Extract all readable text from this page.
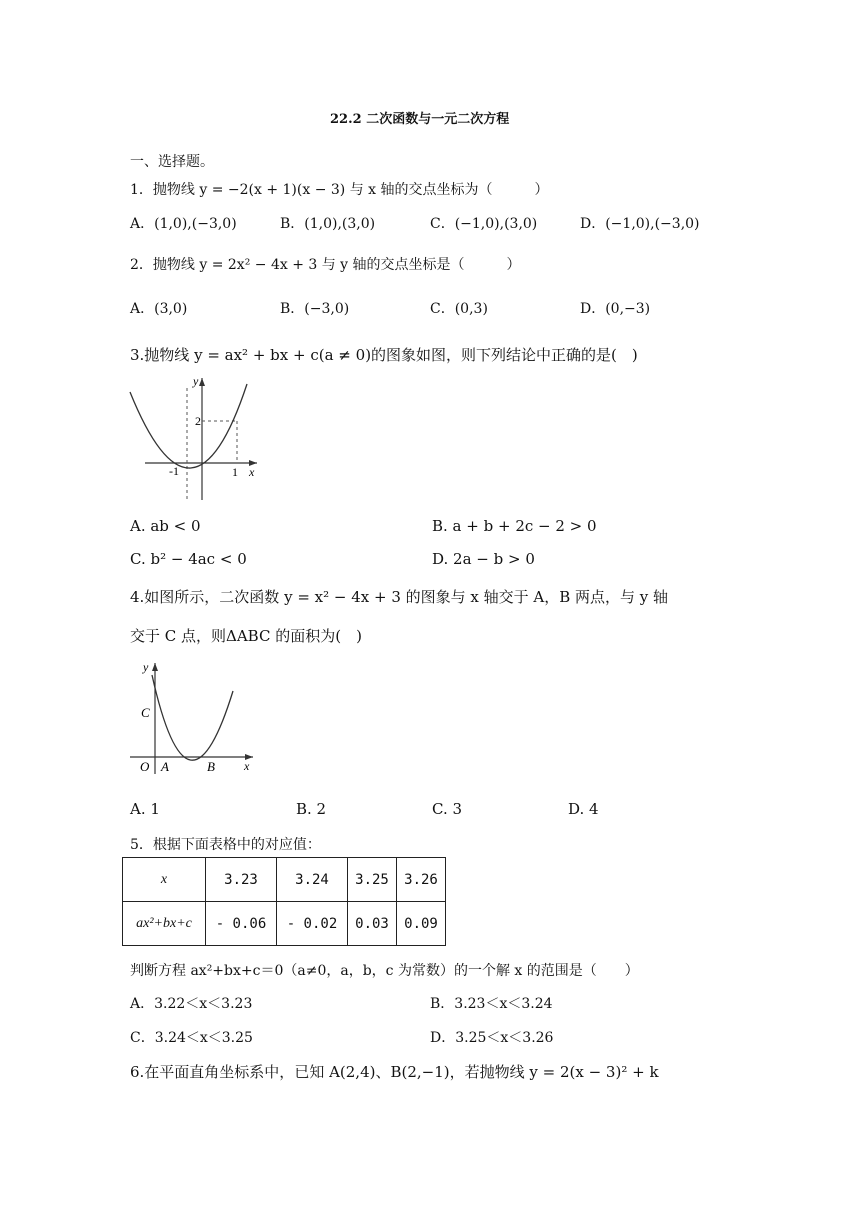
22.2 二次函数与一元二次方程
一、选择题。
1．抛物线 y = −2(x + 1)(x − 3) 与 x 轴的交点坐标为（　　　）
A．(1,0),(−3,0)	B．(1,0),(3,0)	C．(−1,0),(3,0)	D．(−1,0),(−3,0)
2．抛物线 y = 2x² − 4x + 3 与 y 轴的交点坐标是（　　　）
A．(3,0)	B．(−3,0)	C．(0,3)	D．(0,−3)
3.抛物线 y = ax² + bx + c(a ≠ 0)的图象如图，则下列结论中正确的是(　)
y
x
2
-1	1
A. ab < 0	B. a + b + 2c − 2 > 0
C. b² − 4ac < 0	D. 2a − b > 0
4.如图所示，二次函数 y = x² − 4x + 3 的图象与 x 轴交于 A，B 两点，与 y 轴
交于 C 点，则ΔABC 的面积为(　)
y
x
C
O A	B
A. 1	B. 2	C. 3	D. 4
5．根据下面表格中的对应值：
x	3.23	3.24	3.25	3.26
ax²+bx+c	- 0.06	- 0.02	0.03	0.09
判断方程 ax²+bx+c＝0（a≠0，a，b，c 为常数）的一个解 x 的范围是（　　）
A．3.22＜x＜3.23	B．3.23＜x＜3.24
C．3.24＜x＜3.25	D．3.25＜x＜3.26
6.在平面直角坐标系中，已知 A(2,4)、B(2,−1)，若抛物线 y = 2(x − 3)² + k
